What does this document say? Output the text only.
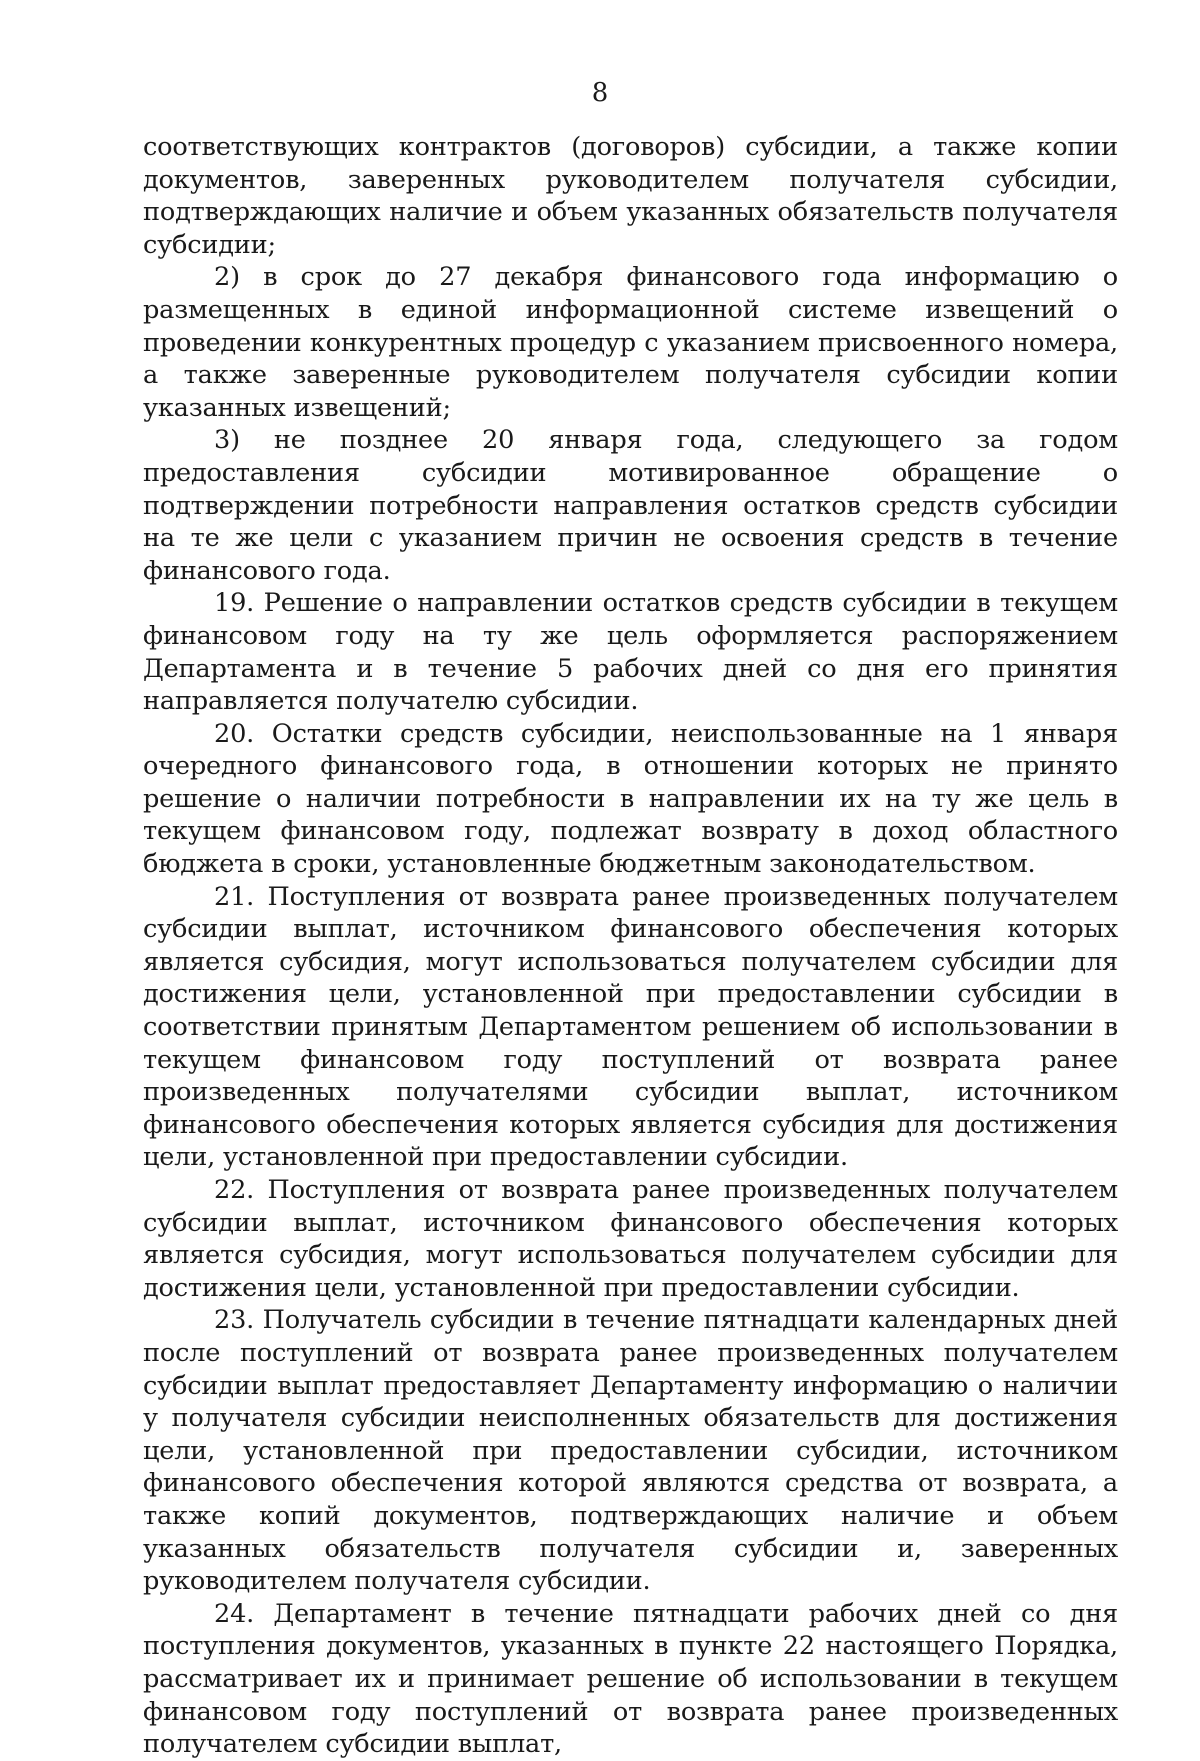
8

соответствующих контрактов (договоров) субсидии, а также копии документов, заверенных руководителем получателя субсидии, подтверждающих наличие и объем указанных обязательств получателя субсидии;

2) в срок до 27 декабря финансового года информацию о размещенных в единой информационной системе извещений о проведении конкурентных процедур с указанием присвоенного номера, а также заверенные руководителем получателя субсидии копии указанных извещений;

3) не позднее 20 января года, следующего за годом предоставления субсидии мотивированное обращение о подтверждении потребности направления остатков средств субсидии на те же цели с указанием причин не освоения средств в течение финансового года.

19. Решение о направлении остатков средств субсидии в текущем финансовом году на ту же цель оформляется распоряжением Департамента и в течение 5 рабочих дней со дня его принятия направляется получателю субсидии.

20. Остатки средств субсидии, неиспользованные на 1 января очередного финансового года, в отношении которых не принято решение о наличии потребности в направлении их на ту же цель в текущем финансовом году, подлежат возврату в доход областного бюджета в сроки, установленные бюджетным законодательством.

21. Поступления от возврата ранее произведенных получателем субсидии выплат, источником финансового обеспечения которых является субсидия, могут использоваться получателем субсидии для достижения цели, установленной при предоставлении субсидии в соответствии принятым Департаментом решением об использовании в текущем финансовом году поступлений от возврата ранее произведенных получателями субсидии выплат, источником финансового обеспечения которых является субсидия для достижения цели, установленной при предоставлении субсидии.

22. Поступления от возврата ранее произведенных получателем субсидии выплат, источником финансового обеспечения которых является субсидия, могут использоваться получателем субсидии для достижения цели, установленной при предоставлении субсидии.

23. Получатель субсидии в течение пятнадцати календарных дней после поступлений от возврата ранее произведенных получателем субсидии выплат предоставляет Департаменту информацию о наличии у получателя субсидии неисполненных обязательств для достижения цели, установленной при предоставлении субсидии, источником финансового обеспечения которой являются средства от возврата, а также копий документов, подтверждающих наличие и объем указанных обязательств получателя субсидии и, заверенных руководителем получателя субсидии.

24. Департамент в течение пятнадцати рабочих дней со дня поступления документов, указанных в пункте 22 настоящего Порядка, рассматривает их и принимает решение об использовании в текущем финансовом году поступлений от возврата ранее произведенных получателем субсидии выплат,
